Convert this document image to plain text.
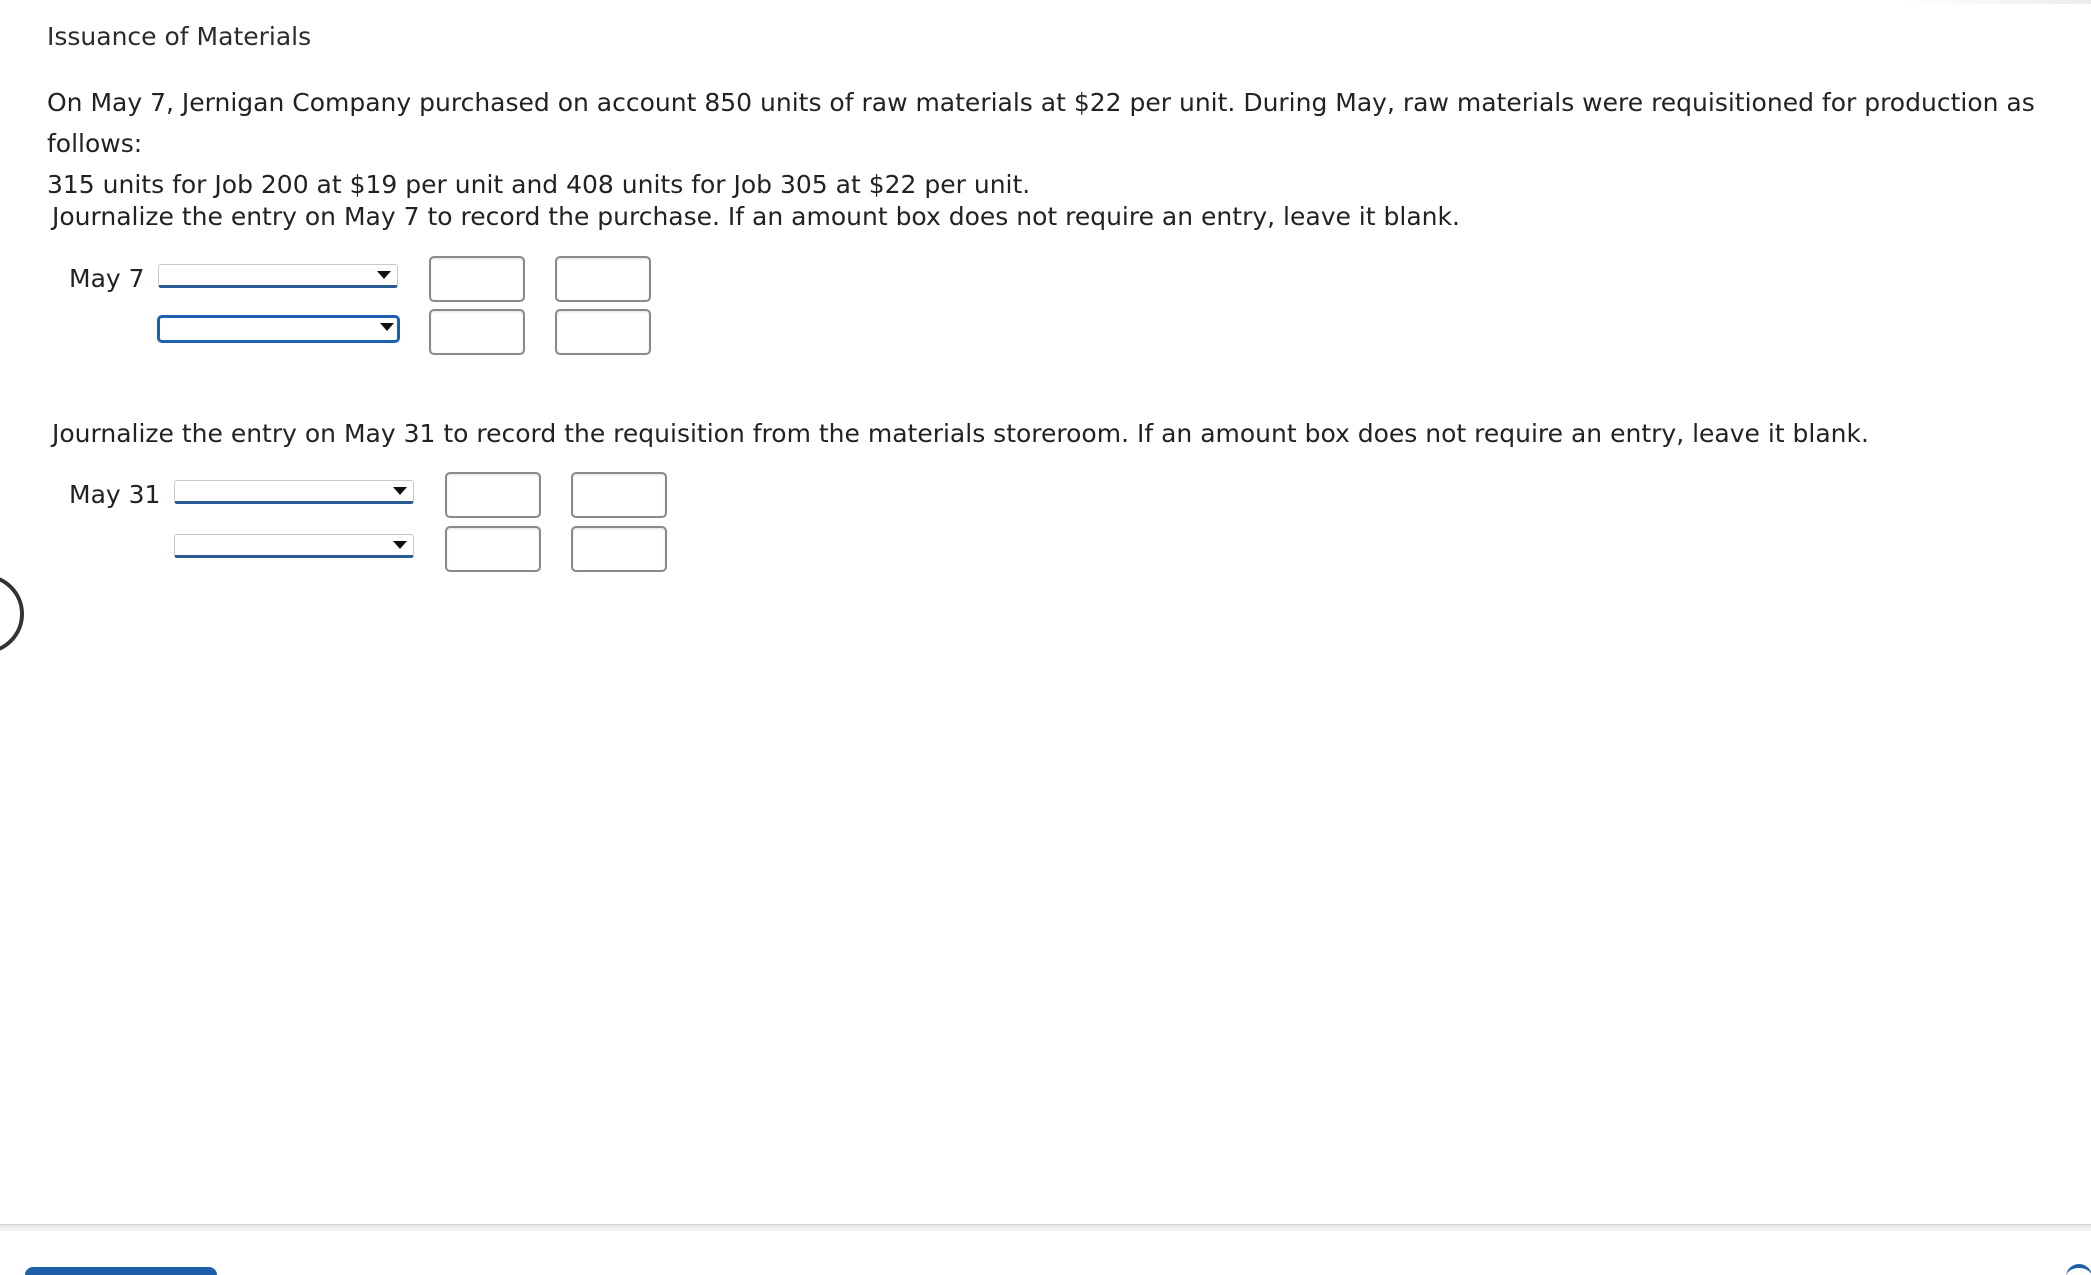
Issuance of Materials

On May 7, Jernigan Company purchased on account 850 units of raw materials at $22 per unit. During May, raw materials were requisitioned for production as follows:

315 units for Job 200 at $19 per unit and 408 units for Job 305 at $22 per unit.

Journalize the entry on May 7 to record the purchase. If an amount box does not require an entry, leave it blank.
May 7
Journalize the entry on May 31 to record the requisition from the materials storeroom. If an amount box does not require an entry, leave it blank.
May 31
